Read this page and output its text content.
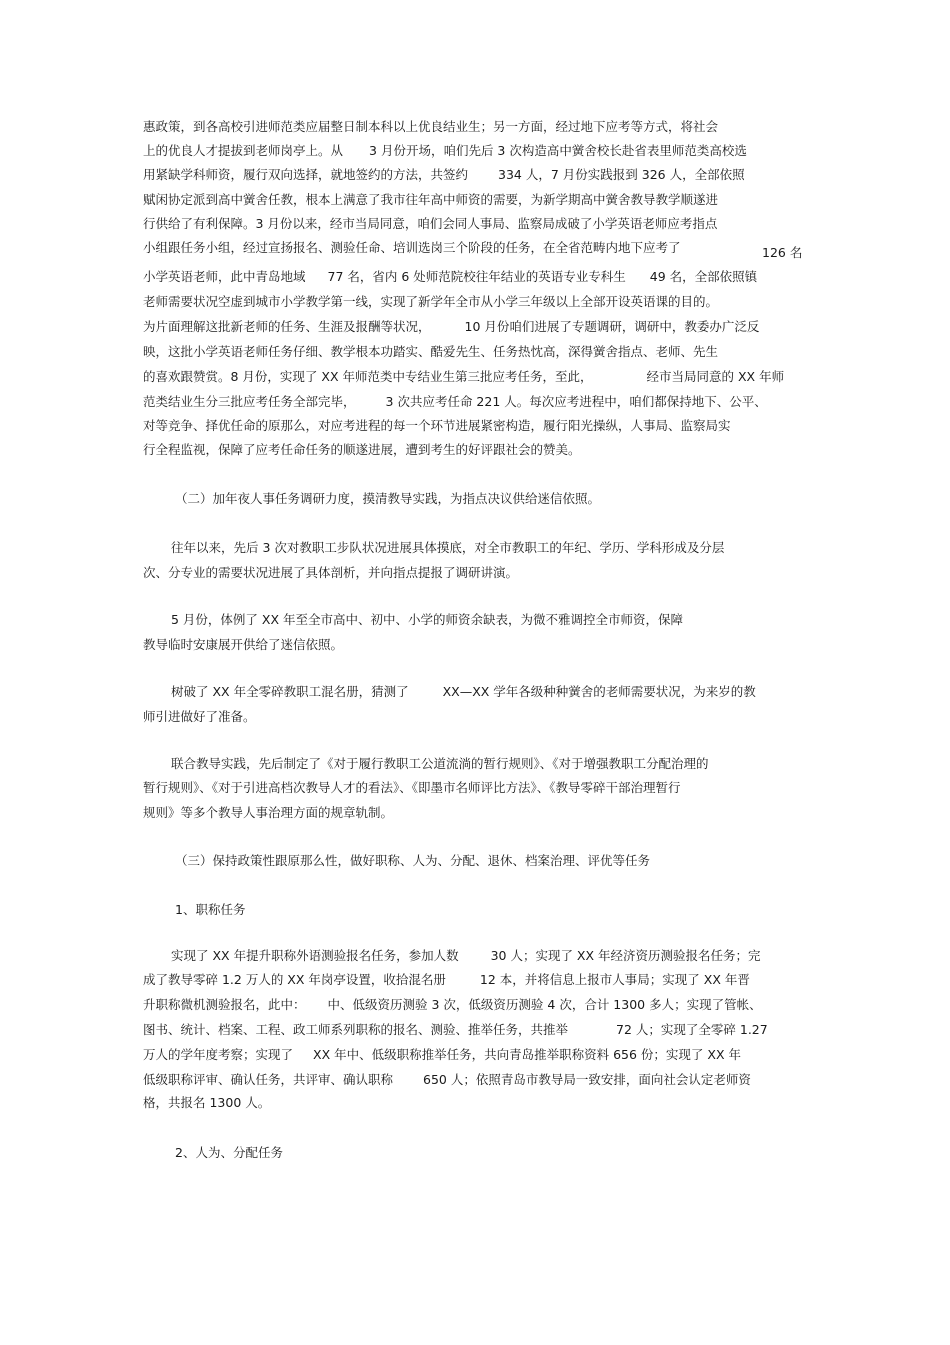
惠政策，到各高校引进师范类应届整日制本科以上优良结业生；另一方面，经过地下应考等方式，将社会
上的优良人才提拔到老师岗亭上。从 3 月份开场，咱们先后 3 次构造高中黉舍校长赴省表里师范类高校选
用紧缺学科师资，履行双向选择，就地签约的方法，共签约 334 人，7 月份实践报到 326 人，全部依照
赋闲协定派到高中黉舍任教，根本上满意了我市往年高中师资的需要，为新学期高中黉舍教导教学顺遂进
行供给了有利保障。3 月份以来，经市当局同意，咱们会同人事局、监察局成破了小学英语老师应考指点
小组跟任务小组，经过宣扬报名、测验任命、培训选岗三个阶段的任务，在全省范畴内地下应考了	126 名
小学英语老师，此中青岛地域 77 名，省内 6 处师范院校往年结业的英语专业专科生 49 名，全部依照镇
老师需要状况空虚到城市小学教学第一线，实现了新学年全市从小学三年级以上全部开设英语课的目的。
为片面理解这批新老师的任务、生涯及报酬等状况，	10 月份咱们进展了专题调研，调研中，教委办广泛反
映，这批小学英语老师任务仔细、教学根本功踏实、酷爱先生、任务热忱高，深得黉舍指点、老师、先生
的喜欢跟赞赏。8 月份，实现了 XX 年师范类中专结业生第三批应考任务，至此，	经市当局同意的 XX 年师
范类结业生分三批应考任务全部完毕， 3 次共应考任命 221 人。每次应考进程中，咱们都保持地下、公平、
对等竞争、择优任命的原那么，对应考进程的每一个环节进展紧密构造，履行阳光操纵，人事局、监察局实
行全程监视，保障了应考任命任务的顺遂进展，遭到考生的好评跟社会的赞美。
（二）加年夜人事任务调研力度，摸清教导实践，为指点决议供给迷信依照。
往年以来，先后 3 次对教职工步队状况进展具体摸底，对全市教职工的年纪、学历、学科形成及分层
次、分专业的需要状况进展了具体剖析，并向指点提报了调研讲演。
5 月份，体例了 XX 年至全市高中、初中、小学的师资余缺表，为微不雅调控全市师资，保障
教导临时安康展开供给了迷信依照。
树破了 XX 年全零碎教职工混名册，猜测了	XX—XX 学年各级种种黉舍的老师需要状况，为来岁的教
师引进做好了准备。
联合教导实践，先后制定了《对于履行教职工公道流淌的暂行规则》、《对于增强教职工分配治理的
暂行规则》、《对于引进高档次教导人才的看法》、《即墨市名师评比方法》、《教导零碎干部治理暂行
规则》等多个教导人事治理方面的规章轨制。
（三）保持政策性跟原那么性，做好职称、人为、分配、退休、档案治理、评优等任务
1、职称任务
实现了 XX 年提升职称外语测验报名任务，参加人数	30 人；实现了 XX 年经济资历测验报名任务；完
成了教导零碎 1.2 万人的 XX 年岗亭设置，收拾混名册	12 本，并将信息上报市人事局；实现了 XX 年晋
升职称微机测验报名，此中： 中、低级资历测验 3 次，低级资历测验 4 次，合计 1300 多人；实现了管帐、
图书、统计、档案、工程、政工师系列职称的报名、测验、推举任务，共推举	72 人；实现了全零碎 1.27
万人的学年度考察；实现了 XX 年中、低级职称推举任务，共向青岛推举职称资料 656 份；实现了 XX 年
低级职称评审、确认任务，共评审、确认职称 650 人；依照青岛市教导局一致安排，面向社会认定老师资
格，共报名 1300 人。
2、人为、分配任务
